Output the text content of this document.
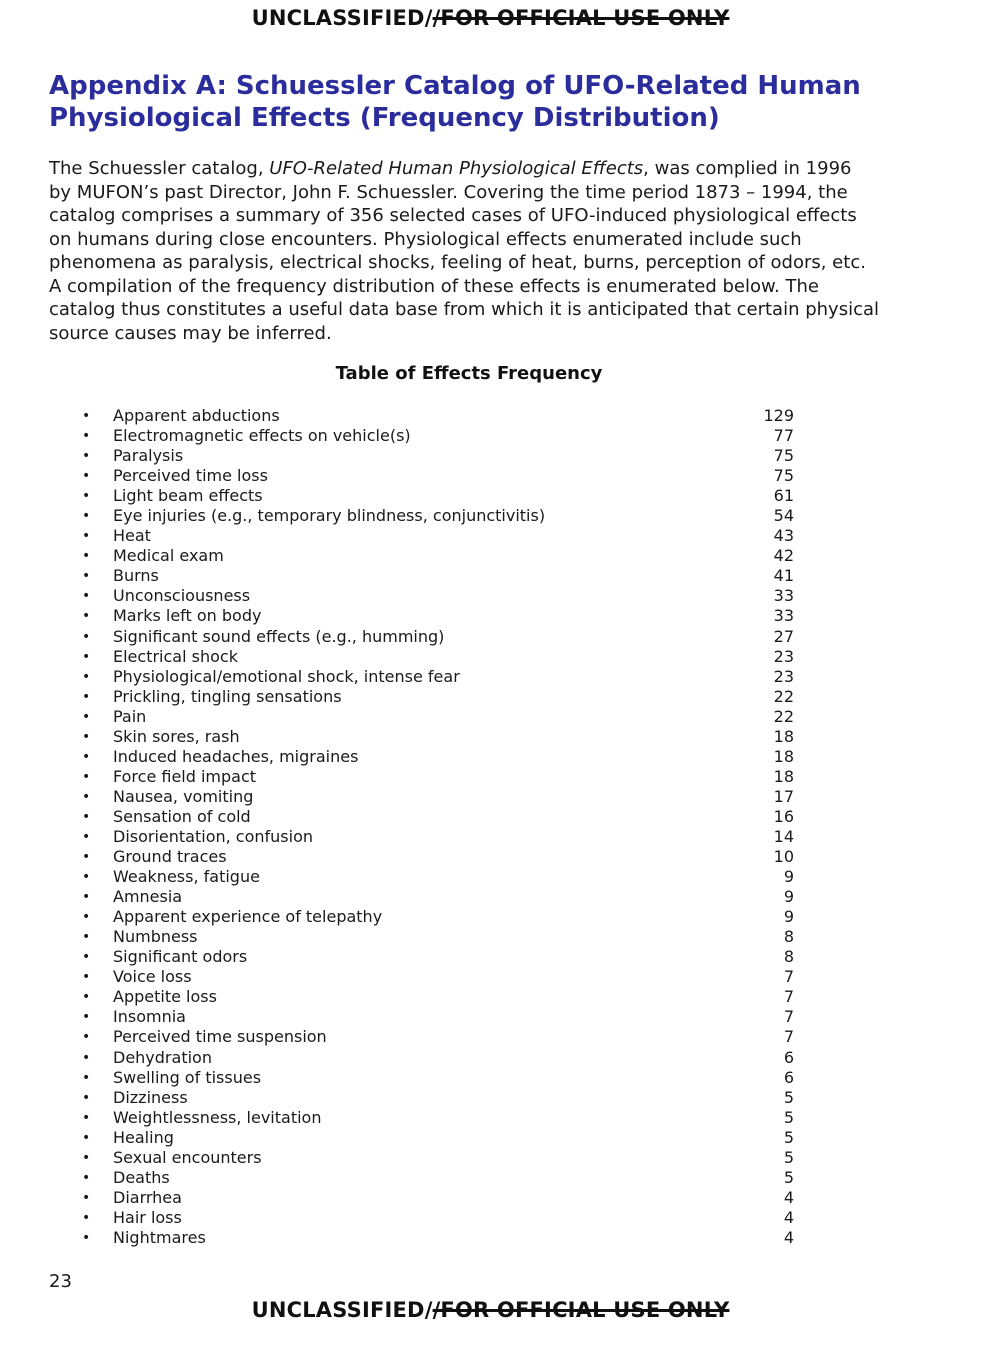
UNCLASSIFIED//FOR OFFICIAL USE ONLY
Appendix A: Schuessler Catalog of UFO-Related Human Physiological Effects (Frequency Distribution)

The Schuessler catalog, UFO-Related Human Physiological Effects, was complied in 1996 by MUFON’s past Director, John F. Schuessler. Covering the time period 1873 – 1994, the catalog comprises a summary of 356 selected cases of UFO-induced physiological effects on humans during close encounters. Physiological effects enumerated include such phenomena as paralysis, electrical shocks, feeling of heat, burns, perception of odors, etc. A compilation of the frequency distribution of these effects is enumerated below. The catalog thus constitutes a useful data base from which it is anticipated that certain physical source causes may be inferred.

Table of Effects Frequency
• Apparent abductions	129
• Electromagnetic effects on vehicle(s)	77
• Paralysis	75
• Perceived time loss	75
• Light beam effects	61
• Eye injuries (e.g., temporary blindness, conjunctivitis)	54
• Heat	43
• Medical exam	42
• Burns	41
• Unconsciousness	33
• Marks left on body	33
• Significant sound effects (e.g., humming)	27
• Electrical shock	23
• Physiological/emotional shock, intense fear	23
• Prickling, tingling sensations	22
• Pain	22
• Skin sores, rash	18
• Induced headaches, migraines	18
• Force field impact	18
• Nausea, vomiting	17
• Sensation of cold	16
• Disorientation, confusion	14
• Ground traces	10
• Weakness, fatigue	9
• Amnesia	9
• Apparent experience of telepathy	9
• Numbness	8
• Significant odors	8
• Voice loss	7
• Appetite loss	7
• Insomnia	7
• Perceived time suspension	7
• Dehydration	6
• Swelling of tissues	6
• Dizziness	5
• Weightlessness, levitation	5
• Healing	5
• Sexual encounters	5
• Deaths	5
• Diarrhea	4
• Hair loss	4
• Nightmares	4
23
UNCLASSIFIED//FOR OFFICIAL USE ONLY
